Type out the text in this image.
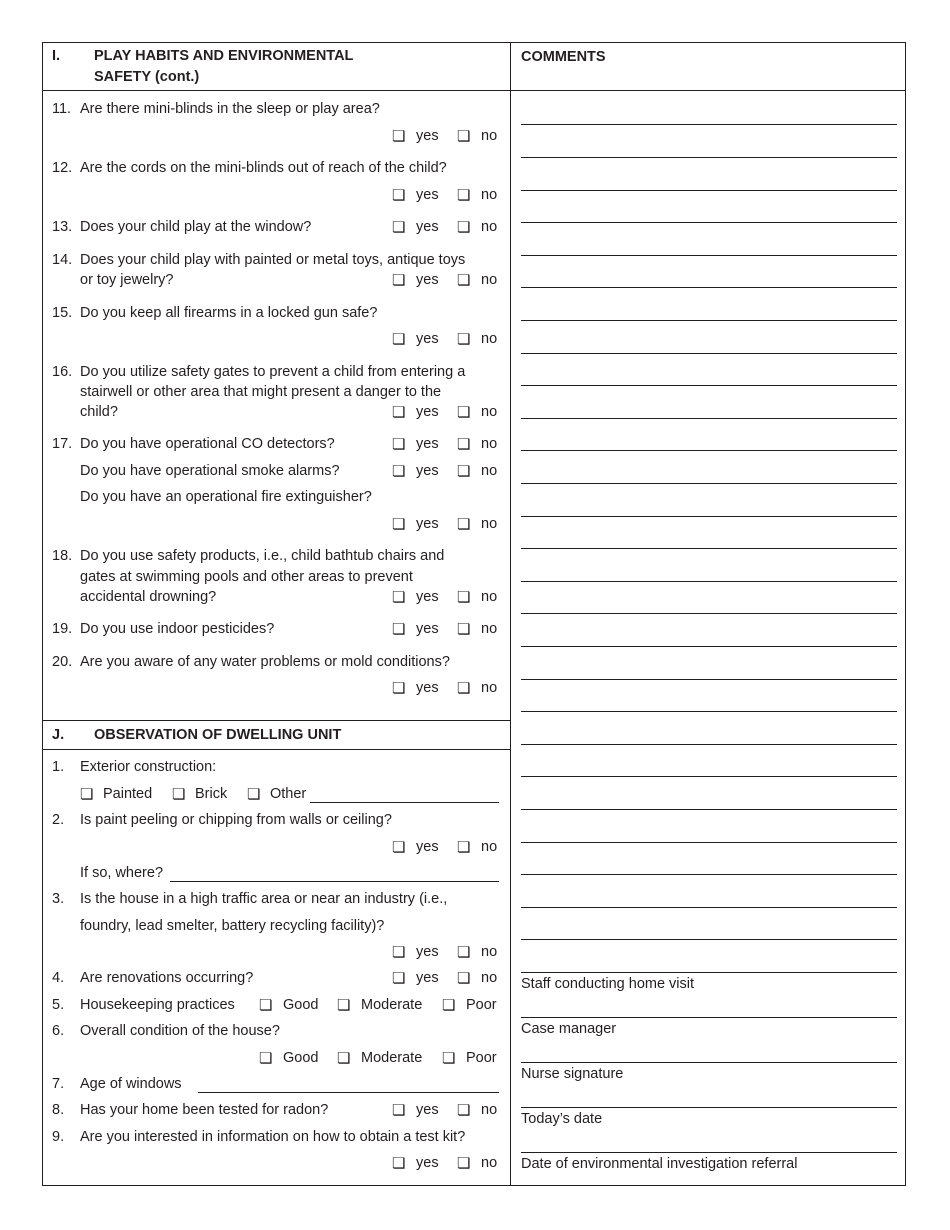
I. PLAY HABITS AND ENVIRONMENTAL
SAFETY (cont.)
COMMENTS
11. Are there mini-blinds in the sleep or play area?
❏ yes ❏ no
12. Are the cords on the mini-blinds out of reach of the child?
❏ yes ❏ no
13. Does your child play at the window?	❏ yes ❏ no
14. Does your child play with painted or metal toys, antique toys
or toy jewelry?	❏ yes ❏ no
15. Do you keep all firearms in a locked gun safe?
❏ yes ❏ no
16. Do you utilize safety gates to prevent a child from entering a
stairwell or other area that might present a danger to the
child?	❏ yes ❏ no
17. Do you have operational CO detectors?	❏ yes ❏ no
Do you have operational smoke alarms?	❏ yes ❏ no
Do you have an operational fire extinguisher?
❏ yes ❏ no
18. Do you use safety products, i.e., child bathtub chairs and
gates at swimming pools and other areas to prevent
accidental drowning?	❏ yes ❏ no
19. Do you use indoor pesticides?	❏ yes ❏ no
20. Are you aware of any water problems or mold conditions?
❏ yes ❏ no
J. OBSERVATION OF DWELLING UNIT
1. Exterior construction:
❏ Painted ❏ Brick ❏ Other
2. Is paint peeling or chipping from walls or ceiling?
❏ yes ❏ no
If so, where?
3. Is the house in a high traffic area or near an industry (i.e.,
foundry, lead smelter, battery recycling facility)?
❏ yes ❏ no
4. Are renovations occurring?	❏ yes ❏ no
5. Housekeeping practices ❏ Good ❏ Moderate ❏ Poor
6. Overall condition of the house?
❏ Good ❏ Moderate ❏ Poor
7. Age of windows
8. Has your home been tested for radon?	❏ yes ❏ no
9. Are you interested in information on how to obtain a test kit?
❏ yes ❏ no
Staff conducting home visit
Case manager
Nurse signature
Today’s date
Date of environmental investigation referral
